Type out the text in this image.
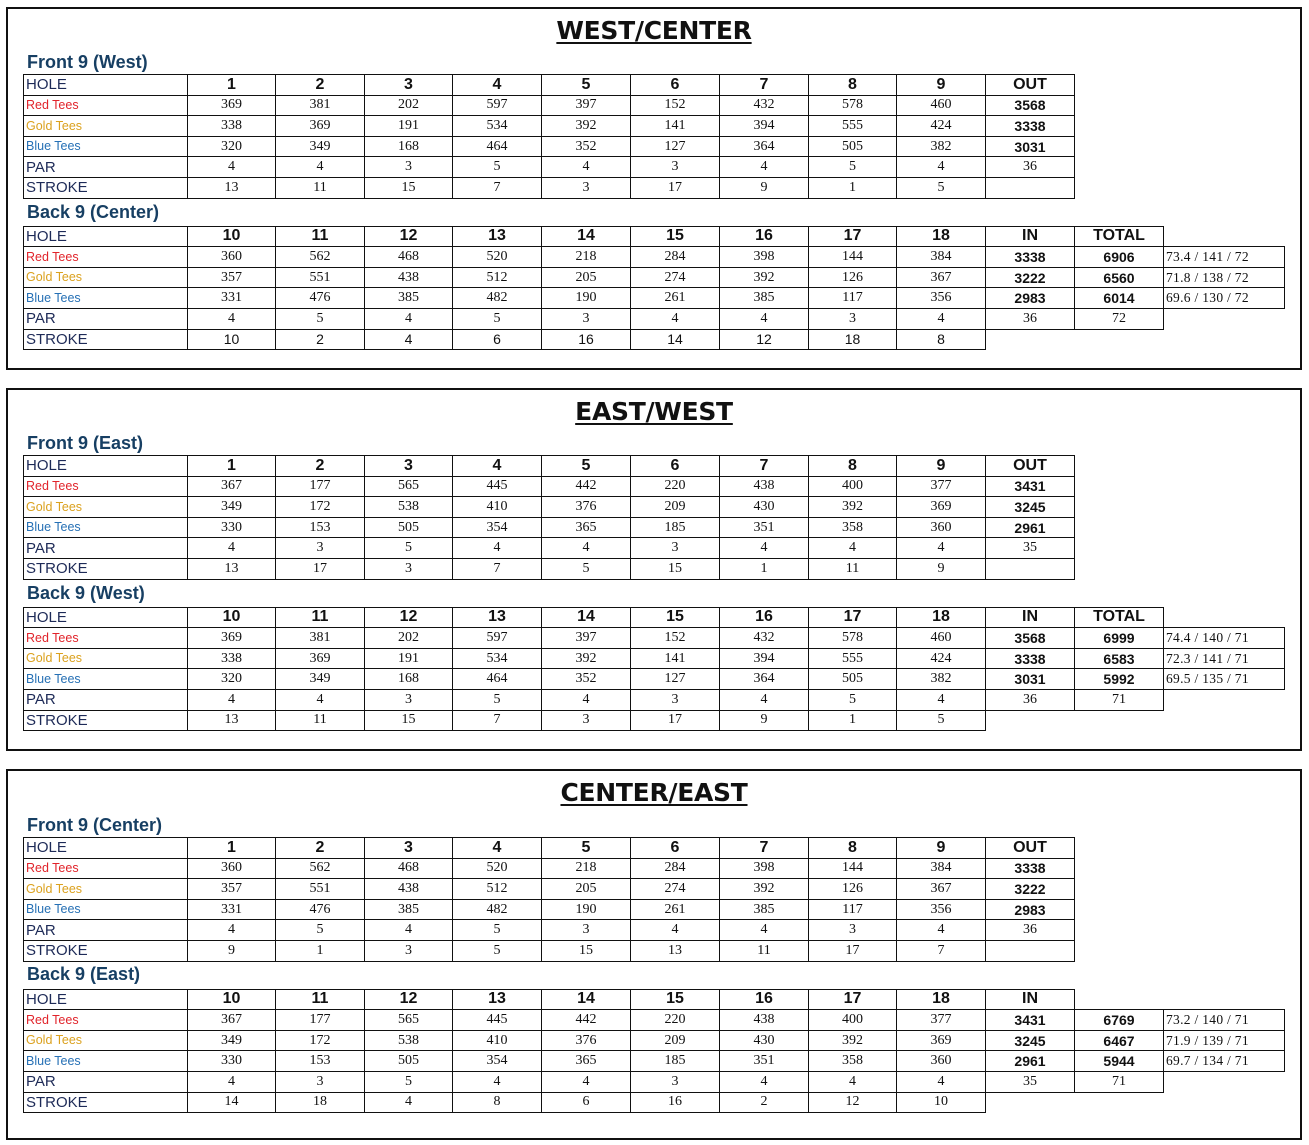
WEST/CENTER
Front 9 (West)
Back 9 (Center)
HOLE	1	2	3	4	5	6	7	8	9	OUT		
Red Tees	369	381	202	597	397	152	432	578	460	3568		
Gold Tees	338	369	191	534	392	141	394	555	424	3338		
Blue Tees	320	349	168	464	352	127	364	505	382	3031		
PAR	4	4	3	5	4	3	4	5	4	36		
STROKE	13	11	15	7	3	17	9	1	5			

HOLE	10	11	12	13	14	15	16	17	18	IN	TOTAL	
Red Tees	360	562	468	520	218	284	398	144	384	3338	6906	73.4 / 141 / 72
Gold Tees	357	551	438	512	205	274	392	126	367	3222	6560	71.8 / 138 / 72
Blue Tees	331	476	385	482	190	261	385	117	356	2983	6014	69.6 / 130 / 72
PAR	4	5	4	5	3	4	4	3	4	36	72	
STROKE	10	2	4	6	16	14	12	18	8			
EAST/WEST
Front 9 (East)
Back 9 (West)
HOLE	1	2	3	4	5	6	7	8	9	OUT		
Red Tees	367	177	565	445	442	220	438	400	377	3431		
Gold Tees	349	172	538	410	376	209	430	392	369	3245		
Blue Tees	330	153	505	354	365	185	351	358	360	2961		
PAR	4	3	5	4	4	3	4	4	4	35		
STROKE	13	17	3	7	5	15	1	11	9			

HOLE	10	11	12	13	14	15	16	17	18	IN	TOTAL	
Red Tees	369	381	202	597	397	152	432	578	460	3568	6999	74.4 / 140 / 71
Gold Tees	338	369	191	534	392	141	394	555	424	3338	6583	72.3 / 141 / 71
Blue Tees	320	349	168	464	352	127	364	505	382	3031	5992	69.5 / 135 / 71
PAR	4	4	3	5	4	3	4	5	4	36	71	
STROKE	13	11	15	7	3	17	9	1	5			
CENTER/EAST
Front 9 (Center)
Back 9 (East)
HOLE	1	2	3	4	5	6	7	8	9	OUT		
Red Tees	360	562	468	520	218	284	398	144	384	3338		
Gold Tees	357	551	438	512	205	274	392	126	367	3222		
Blue Tees	331	476	385	482	190	261	385	117	356	2983		
PAR	4	5	4	5	3	4	4	3	4	36		
STROKE	9	1	3	5	15	13	11	17	7			

HOLE	10	11	12	13	14	15	16	17	18	IN		
Red Tees	367	177	565	445	442	220	438	400	377	3431	6769	73.2 / 140 / 71
Gold Tees	349	172	538	410	376	209	430	392	369	3245	6467	71.9 / 139 / 71
Blue Tees	330	153	505	354	365	185	351	358	360	2961	5944	69.7 / 134 / 71
PAR	4	3	5	4	4	3	4	4	4	35	71	
STROKE	14	18	4	8	6	16	2	12	10			
